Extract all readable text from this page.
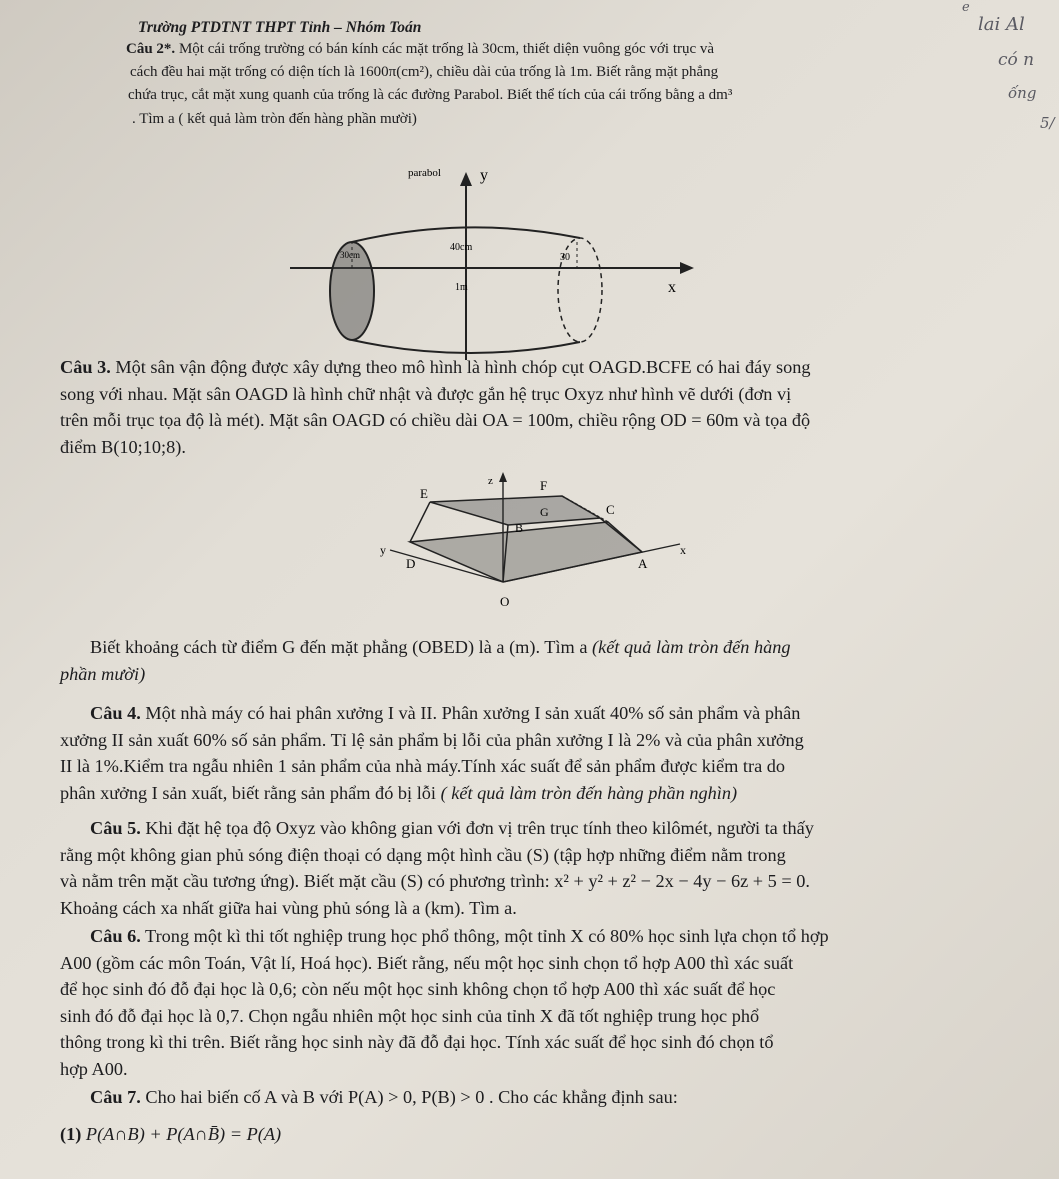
lai Al
có n
ống
5/
e
Trường PTDTNT THPT Tỉnh – Nhóm Toán
Câu 2*. Một cái trống trường có bán kính các mặt trống là 30cm, thiết diện vuông góc với trục và
cách đều hai mặt trống có diện tích là 1600π(cm²), chiều dài của trống là 1m. Biết rằng mặt phẳng
chứa trục, cắt mặt xung quanh của trống là các đường Parabol. Biết thể tích của cái trống bằng a dm³
. Tìm a ( kết quả làm tròn đến hàng phần mười)
parabol y
x
40cm
30cm	30
1m

Câu 3. Một sân vận động được xây dựng theo mô hình là hình chóp cụt OAGD.BCFE có hai đáy song

song với nhau. Mặt sân OAGD là hình chữ nhật và được gắn hệ trục Oxyz như hình vẽ dưới (đơn vị

trên mỗi trục tọa độ là mét). Mặt sân OAGD có chiều dài OA = 100m, chiều rộng OD = 60m và tọa độ

điểm B(10;10;8).

z	F
E
G	C
B
y
D	A
x
O

Biết khoảng cách từ điểm G đến mặt phẳng (OBED) là a (m). Tìm a (kết quả làm tròn đến hàng

phần mười)

Câu 4. Một nhà máy có hai phân xưởng I và II. Phân xưởng I sản xuất 40% số sản phẩm và phân

xưởng II sản xuất 60% số sản phẩm. Tỉ lệ sản phẩm bị lỗi của phân xưởng I là 2% và của phân xưởng

II là 1%.Kiểm tra ngẫu nhiên 1 sản phẩm của nhà máy.Tính xác suất để sản phẩm được kiểm tra do

phân xưởng I sản xuất, biết rằng sản phẩm đó bị lỗi ( kết quả làm tròn đến hàng phần nghìn)

Câu 5. Khi đặt hệ tọa độ Oxyz vào không gian với đơn vị trên trục tính theo kilômét, người ta thấy

rằng một không gian phủ sóng điện thoại có dạng một hình cầu (S) (tập hợp những điểm nằm trong

và nằm trên mặt cầu tương ứng). Biết mặt cầu (S) có phương trình: x² + y² + z² − 2x − 4y − 6z + 5 = 0.

Khoảng cách xa nhất giữa hai vùng phủ sóng là a (km). Tìm a.

Câu 6. Trong một kì thi tốt nghiệp trung học phổ thông, một tỉnh X có 80% học sinh lựa chọn tổ hợp

A00 (gồm các môn Toán, Vật lí, Hoá học). Biết rằng, nếu một học sinh chọn tổ hợp A00 thì xác suất

để học sinh đó đỗ đại học là 0,6; còn nếu một học sinh không chọn tổ hợp A00 thì xác suất để học

sinh đó đỗ đại học là 0,7. Chọn ngẫu nhiên một học sinh của tỉnh X đã tốt nghiệp trung học phổ

thông trong kì thi trên. Biết rằng học sinh này đã đỗ đại học. Tính xác suất để học sinh đó chọn tổ

hợp A00.

Câu 7. Cho hai biến cố A và B với P(A) > 0, P(B) > 0 . Cho các khẳng định sau:

(1) P(A∩B) + P(A∩B̄) = P(A)
